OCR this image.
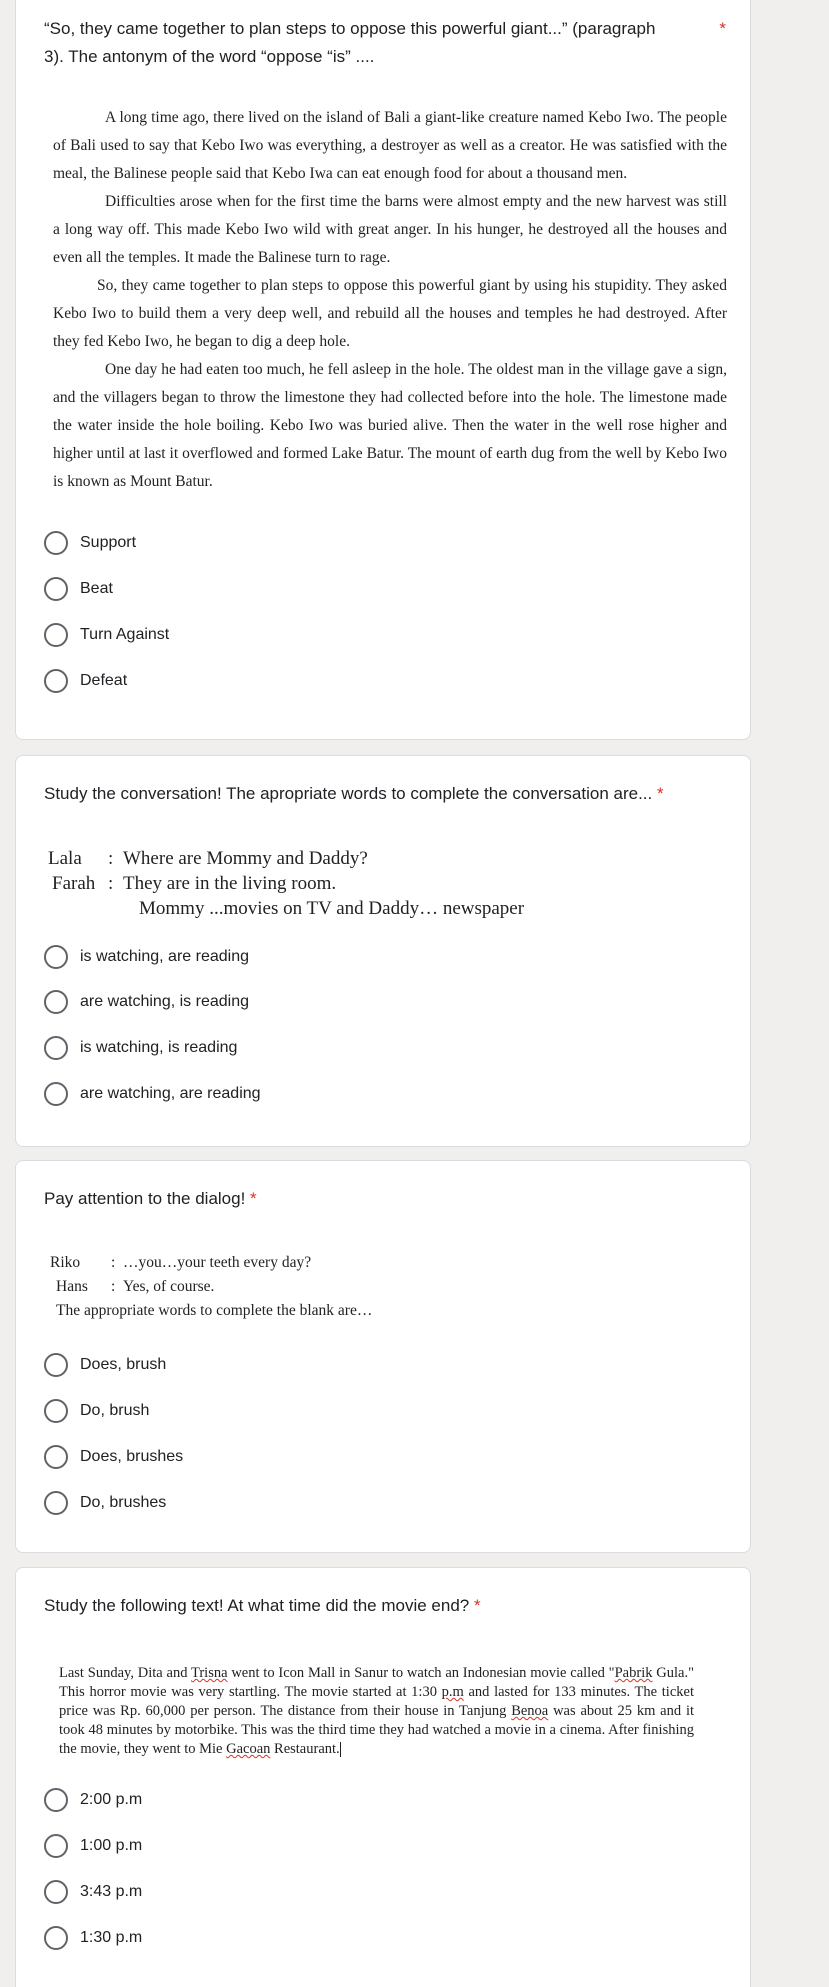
“So, they came together to plan steps to oppose this powerful giant...” (paragraph
3). The antonym of the word “oppose “is” ....
*

A long time ago, there lived on the island of Bali a giant-like creature named Kebo Iwo. The people of Bali used to say that Kebo Iwo was everything, a destroyer as well as a creator. He was satisfied with the meal, the Balinese people said that Kebo Iwa can eat enough food for about a thousand men.

Difficulties arose when for the first time the barns were almost empty and the new harvest was still a long way off. This made Kebo Iwo wild with great anger. In his hunger, he destroyed all the houses and even all the temples. It made the Balinese turn to rage.

So, they came together to plan steps to oppose this powerful giant by using his stupidity. They asked Kebo Iwo to build them a very deep well, and rebuild all the houses and temples he had destroyed. After they fed Kebo Iwo, he began to dig a deep hole.

One day he had eaten too much, he fell asleep in the hole. The oldest man in the village gave a sign, and the villagers began to throw the limestone they had collected before into the hole. The limestone made the water inside the hole boiling. Kebo Iwo was buried alive. Then the water in the well rose higher and higher until at last it overflowed and formed Lake Batur. The mount of earth dug from the well by Kebo Iwo is known as Mount Batur.

Support
Beat
Turn Against
Defeat
Study the conversation! The apropriate words to complete the conversation are... *
Lala : Where are Mommy and Daddy?
Farah : They are in the living room.
Mommy ...movies on TV and Daddy… newspaper
is watching, are reading
are watching, is reading
is watching, is reading
are watching, are reading
Pay attention to the dialog! *
Riko : …you…your teeth every day?
Hans : Yes, of course.
The appropriate words to complete the blank are…
Does, brush
Do, brush
Does, brushes
Do, brushes
Study the following text! At what time did the movie end? *
Last Sunday, Dita and Trisna went to Icon Mall in Sanur to watch an Indonesian movie called "Pabrik Gula." This horror movie was very startling. The movie started at 1:30 p.m and lasted for 133 minutes. The ticket price was Rp. 60,000 per person. The distance from their house in Tanjung Benoa was about 25 km and it took 48 minutes by motorbike. This was the third time they had watched a movie in a cinema. After finishing the movie, they went to Mie Gacoan Restaurant.
2:00 p.m
1:00 p.m
3:43 p.m
1:30 p.m
